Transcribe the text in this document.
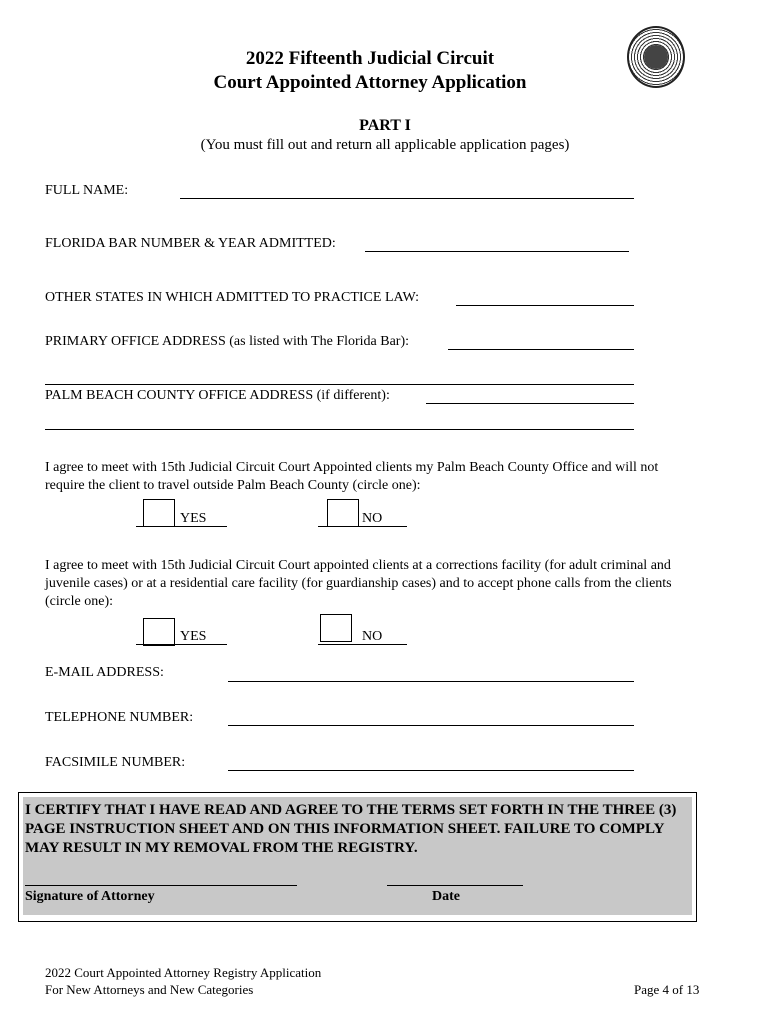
2022 Fifteenth Judicial Circuit
Court Appointed Attorney Application
PART I
(You must fill out and return all applicable application pages)
FULL NAME:
FLORIDA BAR NUMBER & YEAR ADMITTED:
OTHER STATES IN WHICH ADMITTED TO PRACTICE LAW:
PRIMARY OFFICE ADDRESS (as listed with The Florida Bar):
PALM BEACH COUNTY OFFICE ADDRESS (if different):
I agree to meet with 15th Judicial Circuit Court Appointed clients my Palm Beach County Office and will not
require the client to travel outside Palm Beach County (circle one):
YES	NO
I agree to meet with 15th Judicial Circuit Court appointed clients at a corrections facility (for adult criminal and
juvenile cases) or at a residential care facility (for guardianship cases) and to accept phone calls from the clients
(circle one):
YES	NO
E-MAIL ADDRESS:
TELEPHONE NUMBER:
FACSIMILE NUMBER:
I CERTIFY THAT I HAVE READ AND AGREE TO THE TERMS SET FORTH IN THE THREE (3)
PAGE INSTRUCTION SHEET AND ON THIS INFORMATION SHEET. FAILURE TO COMPLY
MAY RESULT IN MY REMOVAL FROM THE REGISTRY.
Signature of Attorney	Date
2022 Court Appointed Attorney Registry Application
For New Attorneys and New Categories	Page 4 of 13
